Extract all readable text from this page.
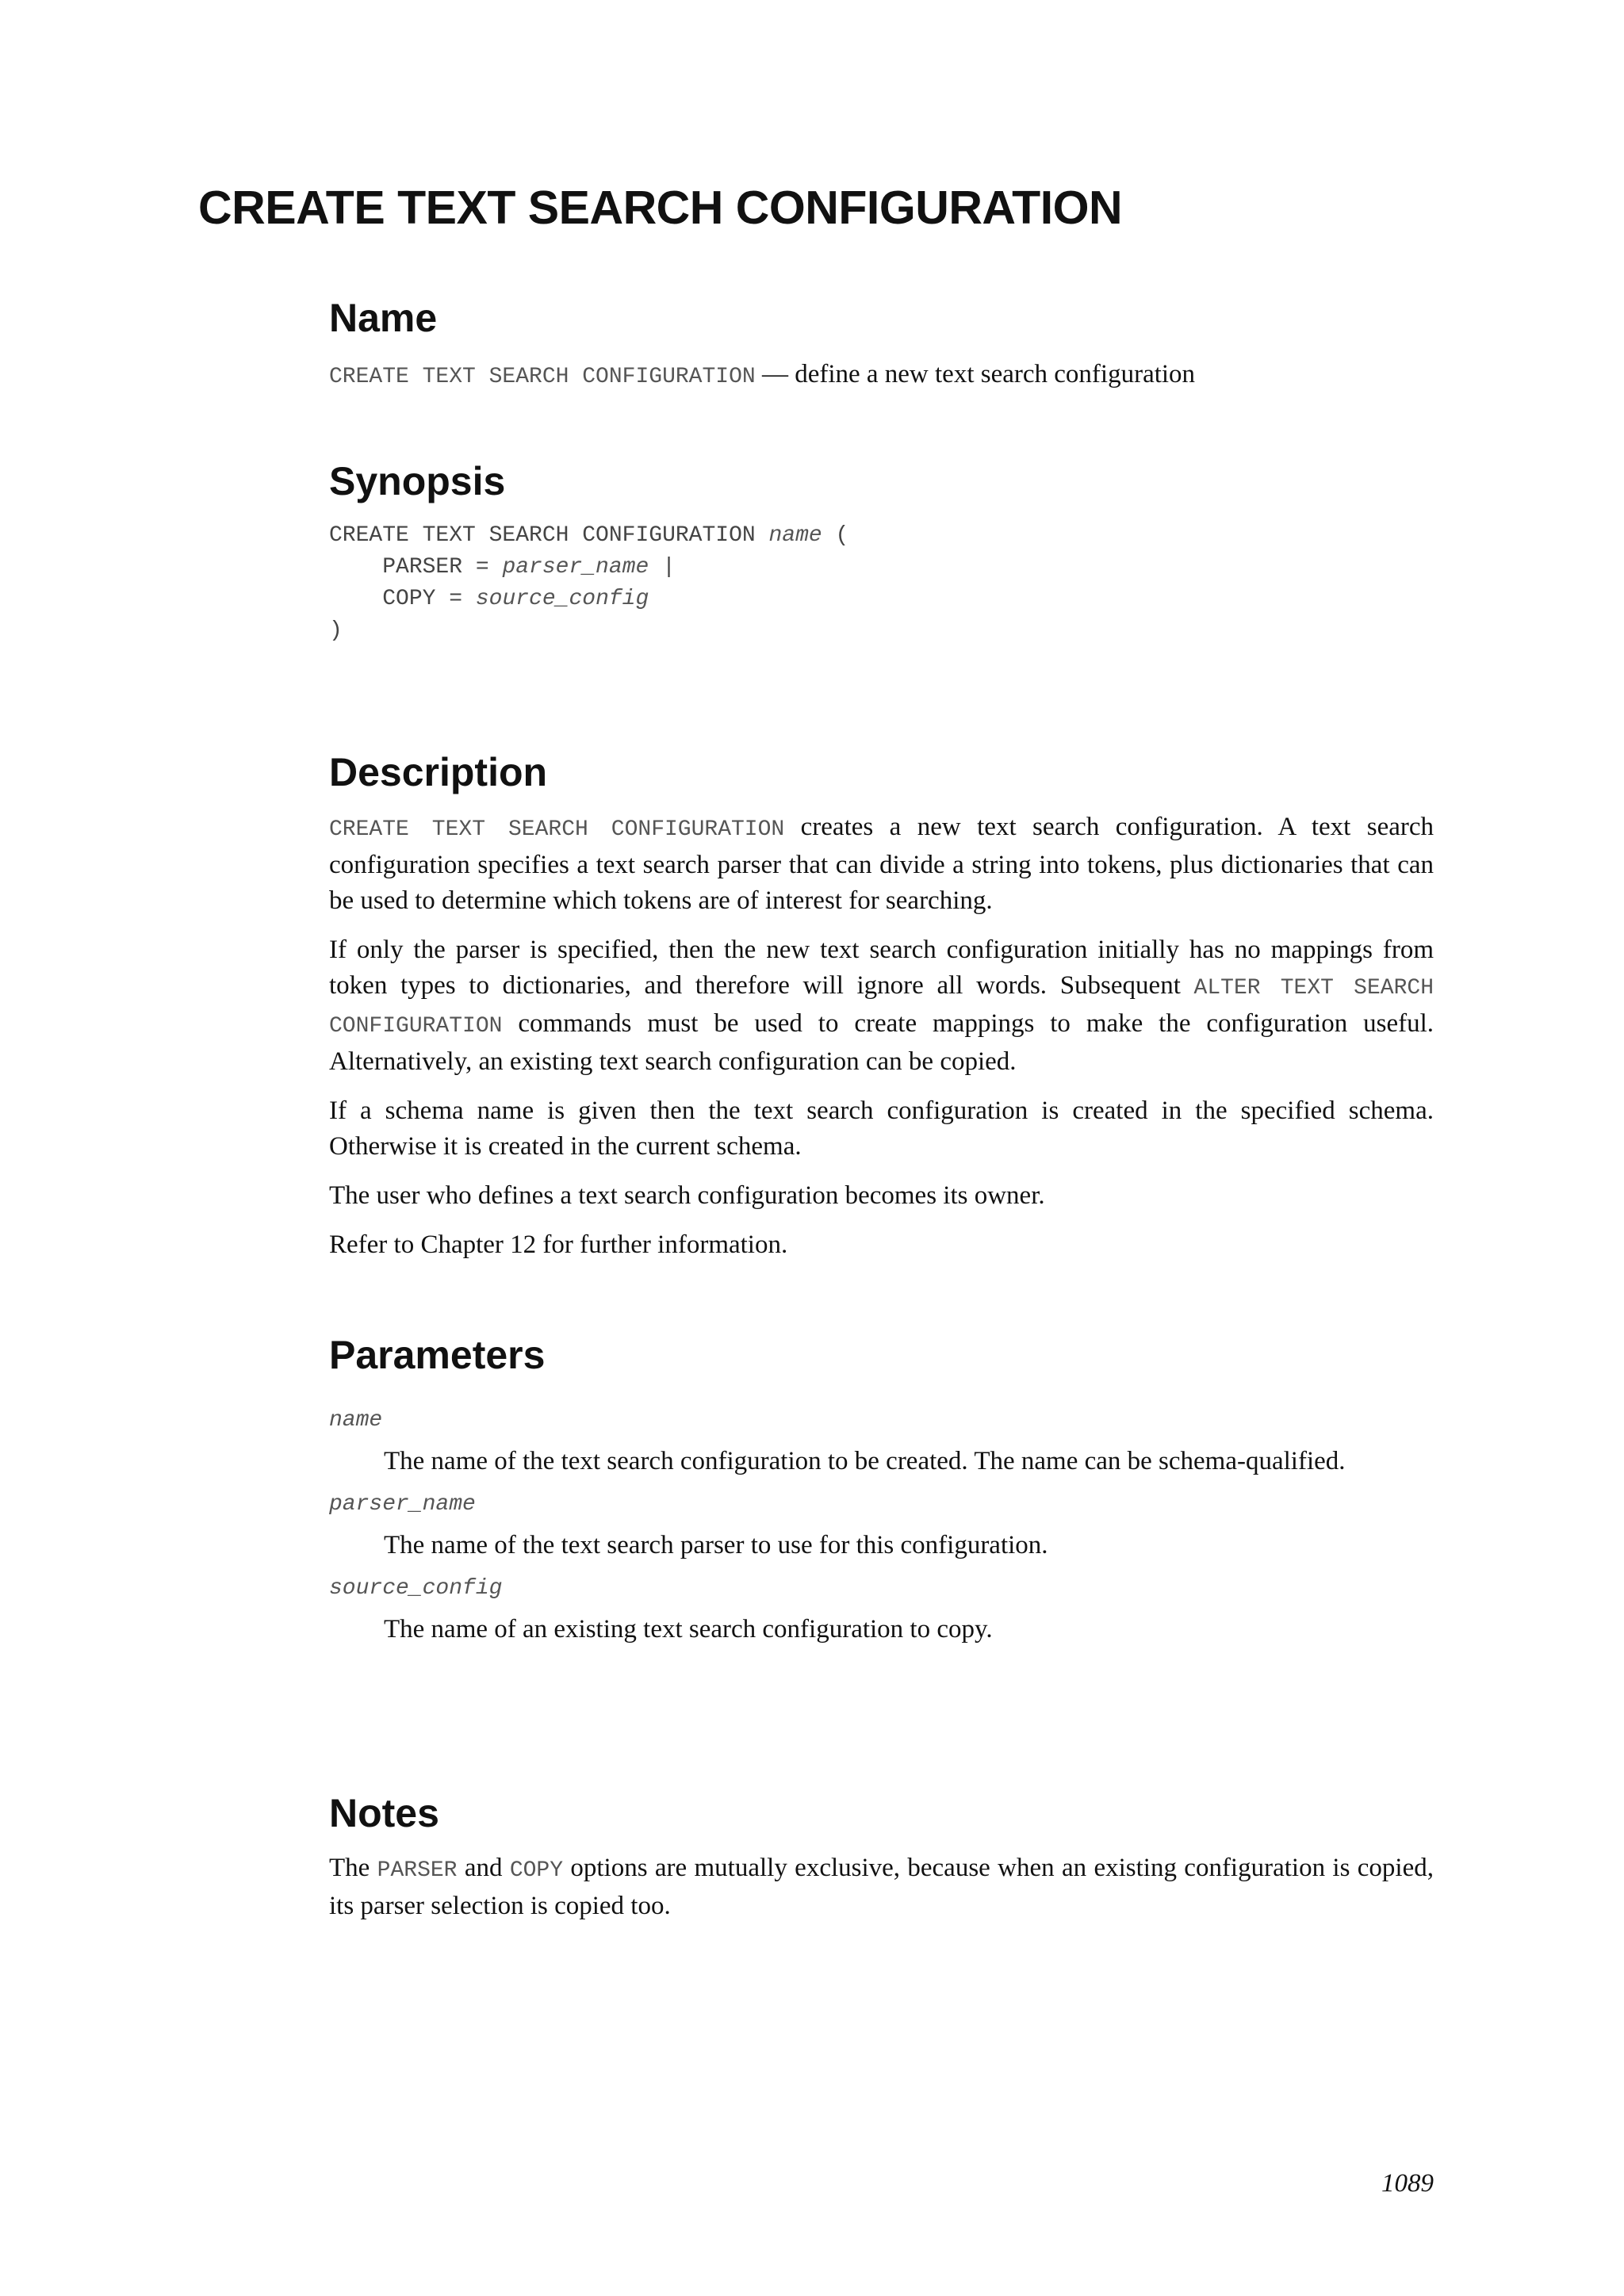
CREATE TEXT SEARCH CONFIGURATION
Name

CREATE TEXT SEARCH CONFIGURATION — define a new text search configuration

Synopsis
CREATE TEXT SEARCH CONFIGURATION name (
PARSER = parser_name |
COPY = source_config
)
Description

CREATE TEXT SEARCH CONFIGURATION creates a new text search configuration. A text search configuration specifies a text search parser that can divide a string into tokens, plus dictionaries that can be used to determine which tokens are of interest for searching.

If only the parser is specified, then the new text search configuration initially has no mappings from token types to dictionaries, and therefore will ignore all words. Subsequent ALTER TEXT SEARCH CONFIGURATION commands must be used to create mappings to make the configuration useful. Alternatively, an existing text search configuration can be copied.

If a schema name is given then the text search configuration is created in the specified schema. Otherwise it is created in the current schema.

The user who defines a text search configuration becomes its owner.

Refer to Chapter 12 for further information.

Parameters

name

The name of the text search configuration to be created. The name can be schema-qualified.

parser_name

The name of the text search parser to use for this configuration.

source_config

The name of an existing text search configuration to copy.

Notes

The PARSER and COPY options are mutually exclusive, because when an existing configuration is copied, its parser selection is copied too.

1089
